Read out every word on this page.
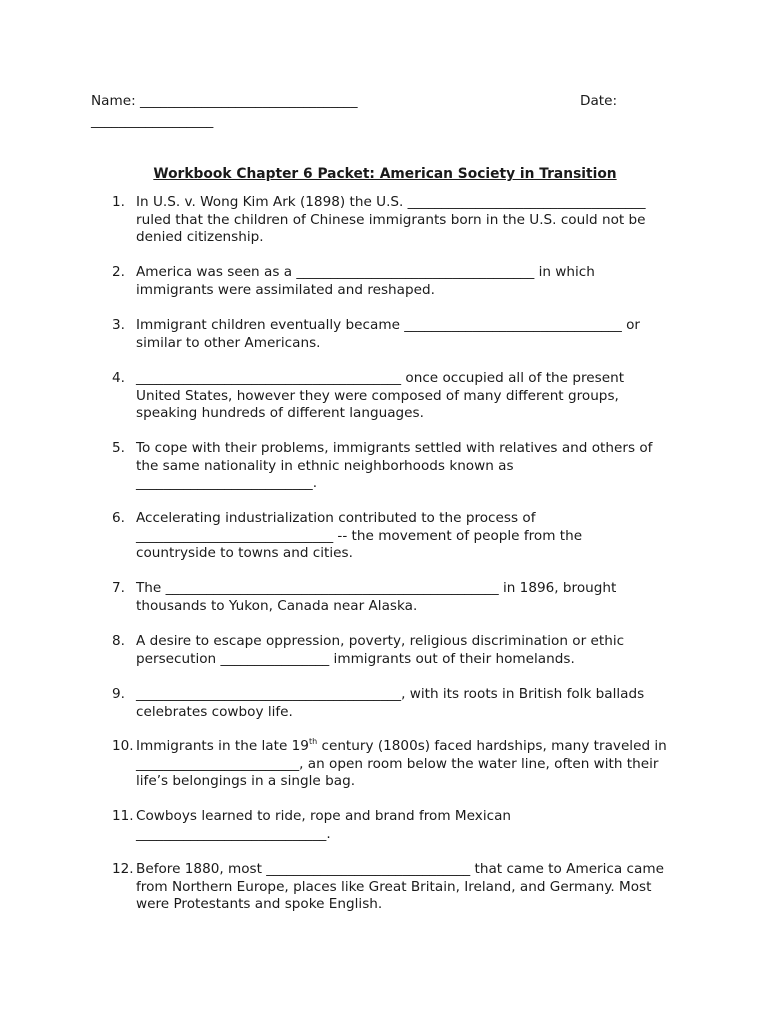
Name: ________________________________	Date:
__________________
Workbook Chapter 6 Packet: American Society in Transition
1. In U.S. v. Wong Kim Ark (1898) the U.S. ___________________________________
ruled that the children of Chinese immigrants born in the U.S. could not be
denied citizenship.
2. America was seen as a ___________________________________ in which
immigrants were assimilated and reshaped.
3. Immigrant children eventually became ________________________________ or
similar to other Americans.
4. _______________________________________ once occupied all of the present
United States, however they were composed of many different groups,
speaking hundreds of different languages.
5. To cope with their problems, immigrants settled with relatives and others of
the same nationality in ethnic neighborhoods known as
__________________________.
6. Accelerating industrialization contributed to the process of
_____________________________ -- the movement of people from the
countryside to towns and cities.
7. The _________________________________________________ in 1896, brought
thousands to Yukon, Canada near Alaska.
8. A desire to escape oppression, poverty, religious discrimination or ethic
persecution ________________ immigrants out of their homelands.
9. _______________________________________, with its roots in British folk ballads
celebrates cowboy life.
10. Immigrants in the late 19th century (1800s) faced hardships, many traveled in
________________________, an open room below the water line, often with their
life’s belongings in a single bag.
11. Cowboys learned to ride, rope and brand from Mexican
____________________________.
12. Before 1880, most ______________________________ that came to America came
from Northern Europe, places like Great Britain, Ireland, and Germany. Most
were Protestants and spoke English.
